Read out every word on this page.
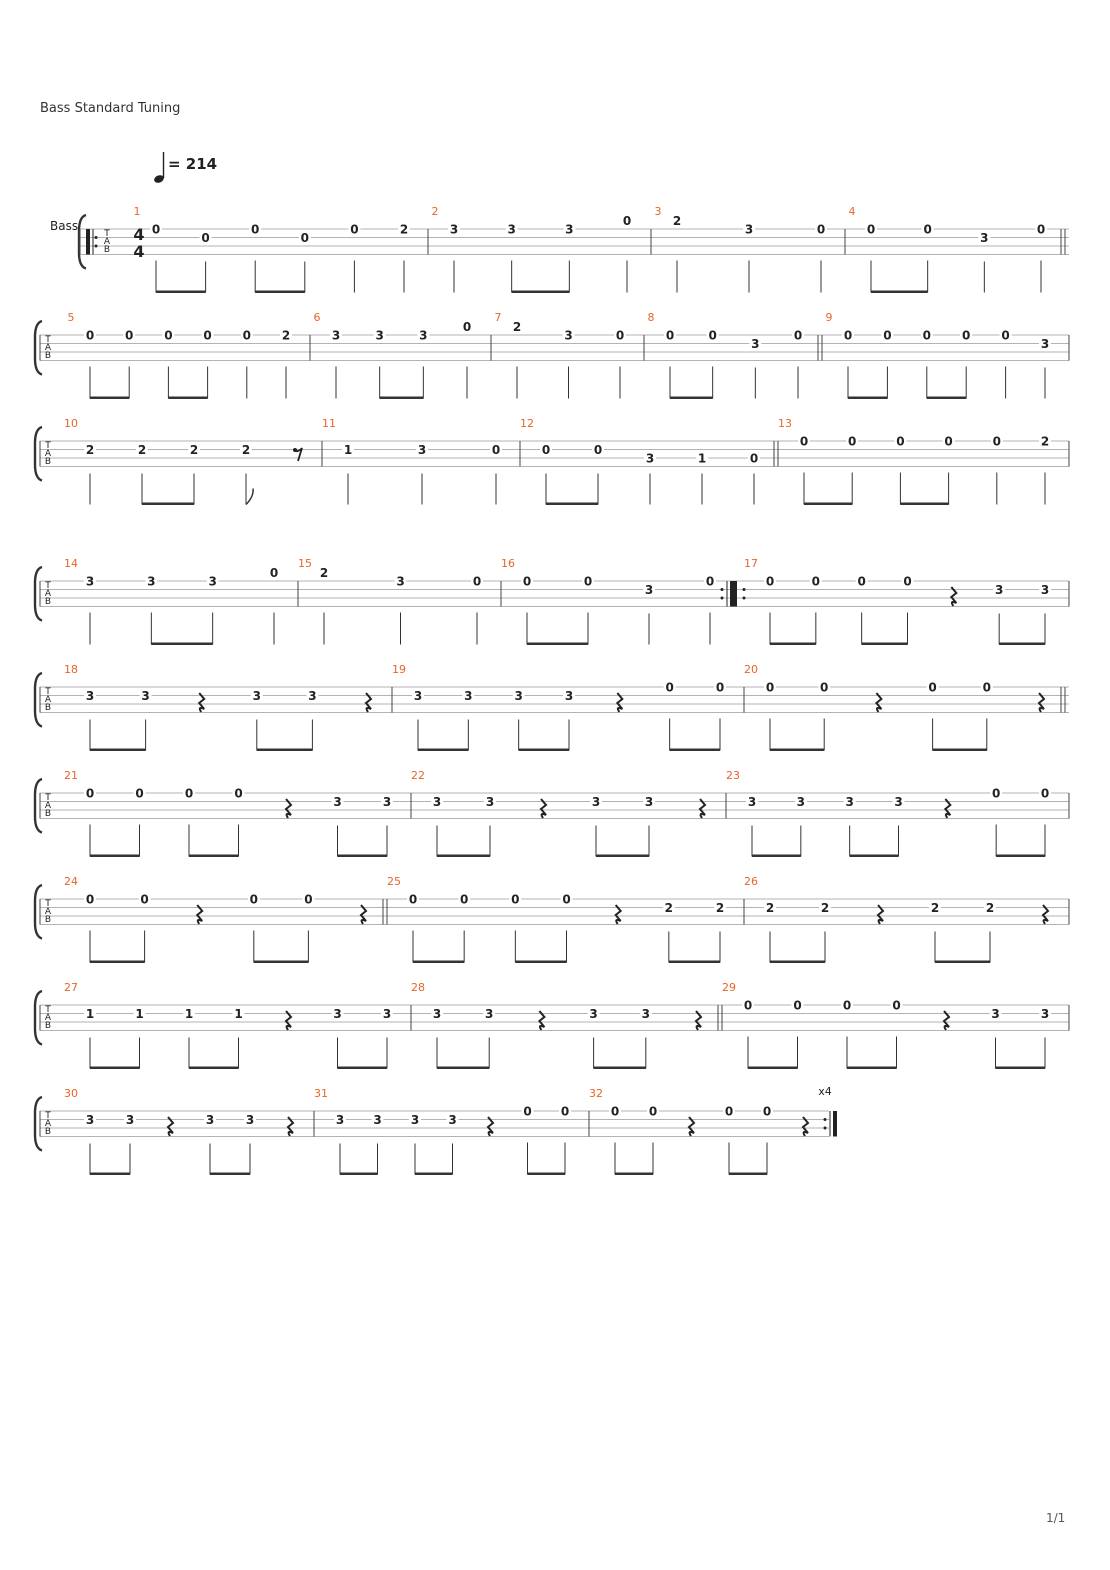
Bass Standard Tuning
= 214
Bass
T
A
B
4
4
1
0
0
0
0
0	2
2
3	3	3
0
3
2
3	0
4
0	0
3
0
T
A
B
5
0	0	0	0	0	2
6
3	3	3
0
7
2
3	0
8
0	0
3
0
9
0	0	0	0	0
3
T
A
B
10
2	2	2	2
11
1	3	0
12
0	0
3	1	0
13
0	0	0	0	0	2
T
A
B
14
3	3	3
0
15
2
3	0
16
0	0
3
0
17
0	0	0	0
3	3
T
A
B
18
3	3	3	3
19
3	3	3	3
0	0
20
0	0	0	0
T
A
B
21
0	0	0	0
3	3
22
3	3	3	3
23
3	3	3	3
0	0
T
A
B
24
0	0	0	0
25
0	0	0	0
2	2
26
2	2	2	2
T
A
B
27
1	1	1	1	3	3
28
3	3	3	3
29
0	0	0	0
3	3
T
A
B
30
3	3	3	3
31
3 3 3 3
0 0
32
0 0	0 0
x4
1/1
